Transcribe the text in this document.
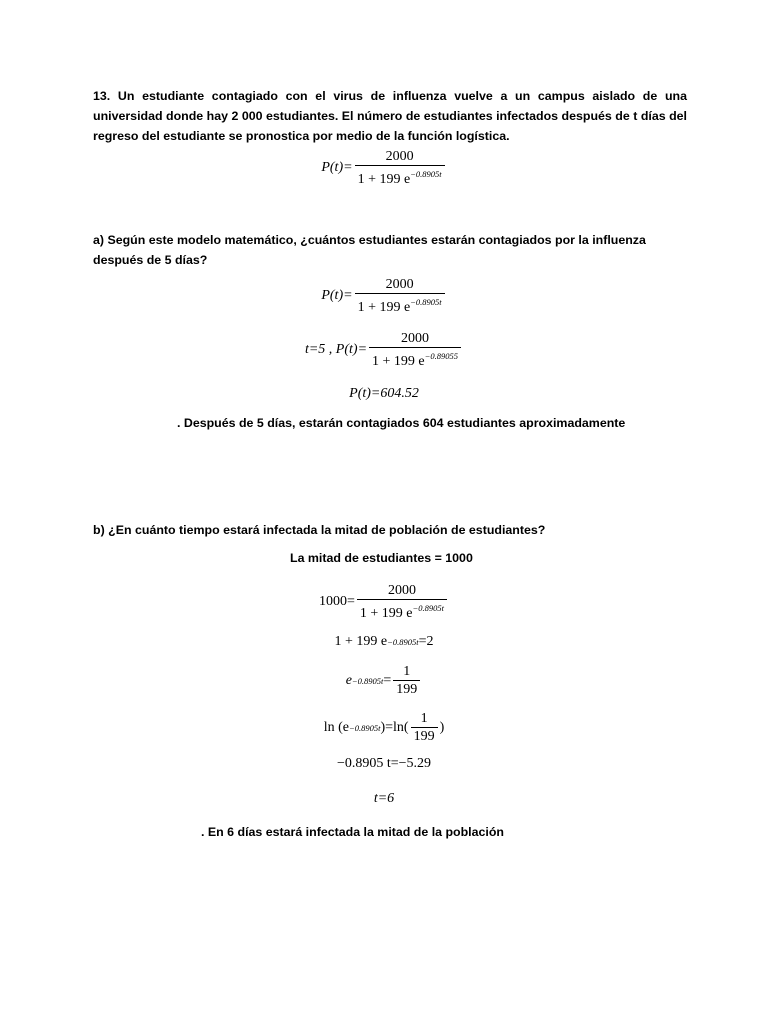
13. Un estudiante contagiado con el virus de influenza vuelve a un campus aislado de una
universidad donde hay 2 000 estudiantes. El número de estudiantes infectados después de t días del
regreso del estudiante se pronostica por medio de la función logística.
$P(t)= \frac{2000}{1 + 199 e^{-0.8905t}}$
a) Según este modelo matemático, ¿cuántos estudiantes estarán contagiados por la influenza
después de 5 días?
$P(t)= \frac{2000}{1 + 199 e^{-0.8905t}}$
t=5 , $P(t)= \frac{2000}{1 + 199 e^{-0.89055}}$
P(t)=604.52
. Después de 5 días, estarán contagiados 604 estudiantes aproximadamente
b) ¿En cuánto tiempo estará infectada la mitad de población de estudiantes?
La mitad de estudiantes = 1000
$1000= \frac{2000}{1 + 199 e^{-0.8905t}}$
1 + 199 e −0.8905t =2
$e -0.8905t = \frac{1}{199}$
ln (e −0.8905t )$=\ln( \frac{1}{199}$ )
−0.8905 t=−5.29
t=6
. En 6 días estará infectada la mitad de la población
